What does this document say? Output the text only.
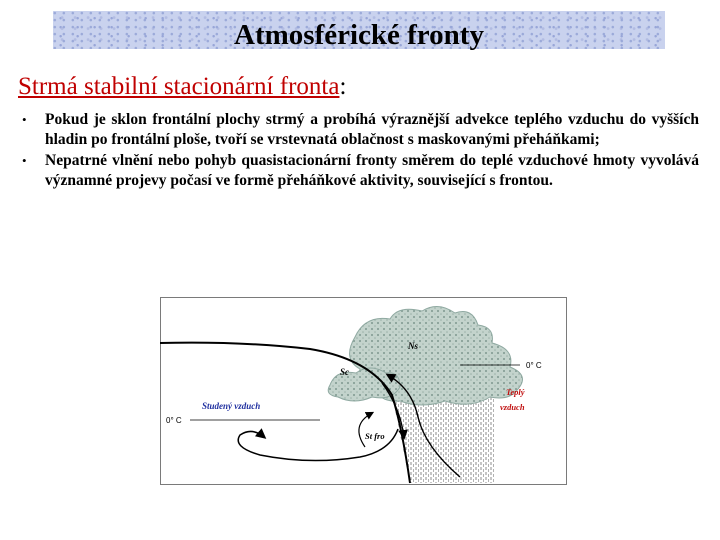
Atmosférické fronty
Strmá stabilní stacionární fronta:
• Pokud je sklon frontální plochy strmý a probíhá výraznější advekce teplého vzduchu do vyšších hladin po frontální ploše, tvoří se vrstevnatá oblačnost s maskovanými přeháňkami;
• Nepatrné vlnění nebo pohyb quasistacionární fronty směrem do teplé vzduchové hmoty vyvolává významné projevy počasí ve formě přeháňkové aktivity, související s frontou.
Ns
Sc
Studený vzduch
Teplý
vzduch
St fro
0° C
0° C
